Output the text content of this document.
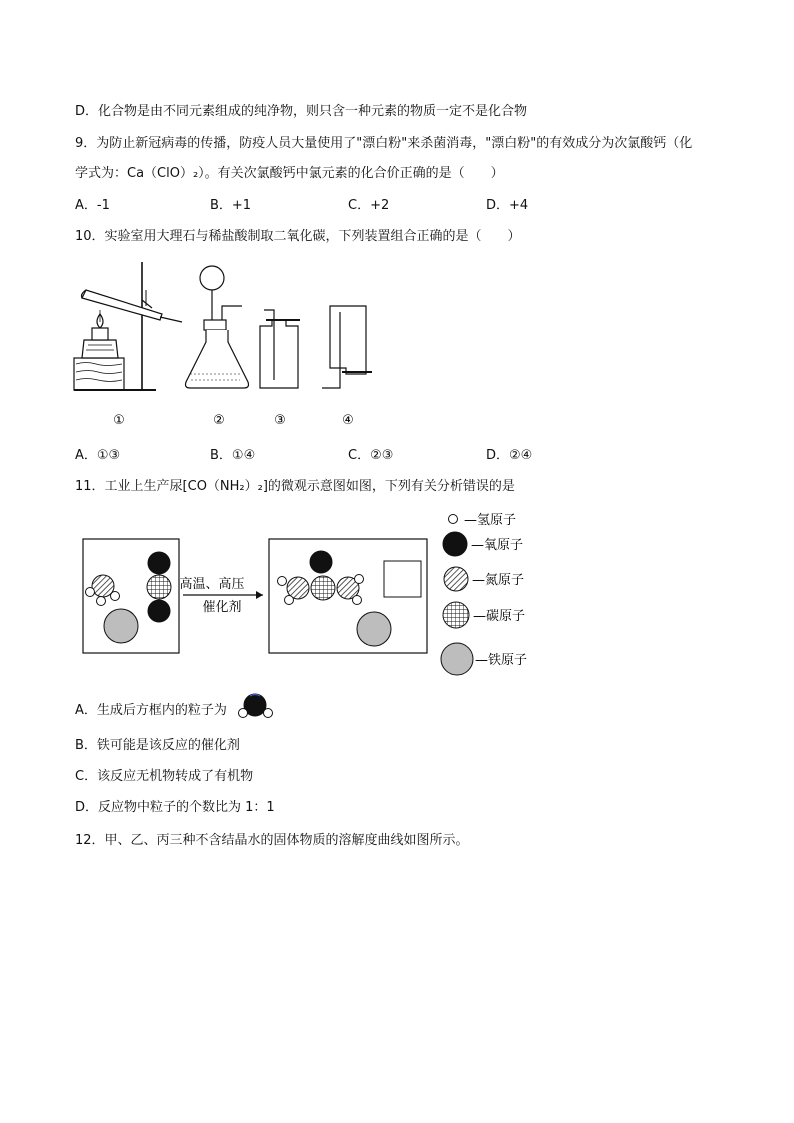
D．化合物是由不同元素组成的纯净物，则只含一种元素的物质一定不是化合物
9．为防止新冠病毒的传播，防疫人员大量使用了"漂白粉"来杀菌消毒，"漂白粉"的有效成分为次氯酸钙（化
学式为：Ca（ClO）₂）。有关次氯酸钙中氯元素的化合价正确的是（　　）
A．-1	B．+1	C．+2	D．+4
10．实验室用大理石与稀盐酸制取二氧化碳，下列装置组合正确的是（　　）
①	②	③	④
A．①③	B．①④	C．②③	D．②④
11．工业上生产尿[CO（NH₂）₂]的微观示意图如图，下列有关分析错误的是
高温、高压
催化剂
—氢原子
—氧原子
—氮原子
—碳原子
—铁原子
A．生成后方框内的粒子为
B．铁可能是该反应的催化剂
C．该反应无机物转成了有机物
D．反应物中粒子的个数比为 1：1
12．甲、乙、丙三种不含结晶水的固体物质的溶解度曲线如图所示。
